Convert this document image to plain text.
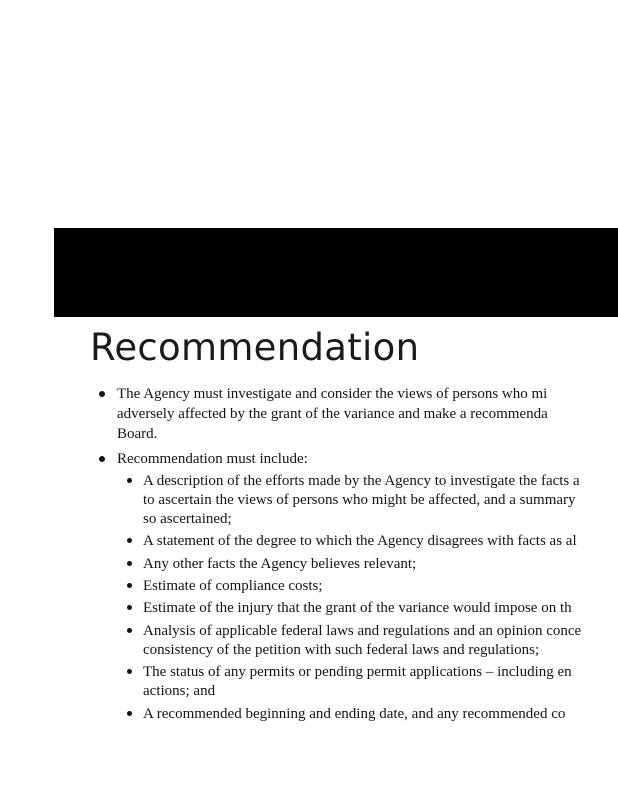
Recommendation
The Agency must investigate and consider the views of persons who mi
adversely affected by the grant of the variance and make a recommenda
Board.
Recommendation must include:
A description of the efforts made by the Agency to investigate the facts a
to ascertain the views of persons who might be affected, and a summary
so ascertained;
A statement of the degree to which the Agency disagrees with facts as al
Any other facts the Agency believes relevant;
Estimate of compliance costs;
Estimate of the injury that the grant of the variance would impose on th
Analysis of applicable federal laws and regulations and an opinion conce
consistency of the petition with such federal laws and regulations;
The status of any permits or pending permit applications – including en
actions; and
A recommended beginning and ending date, and any recommended co
